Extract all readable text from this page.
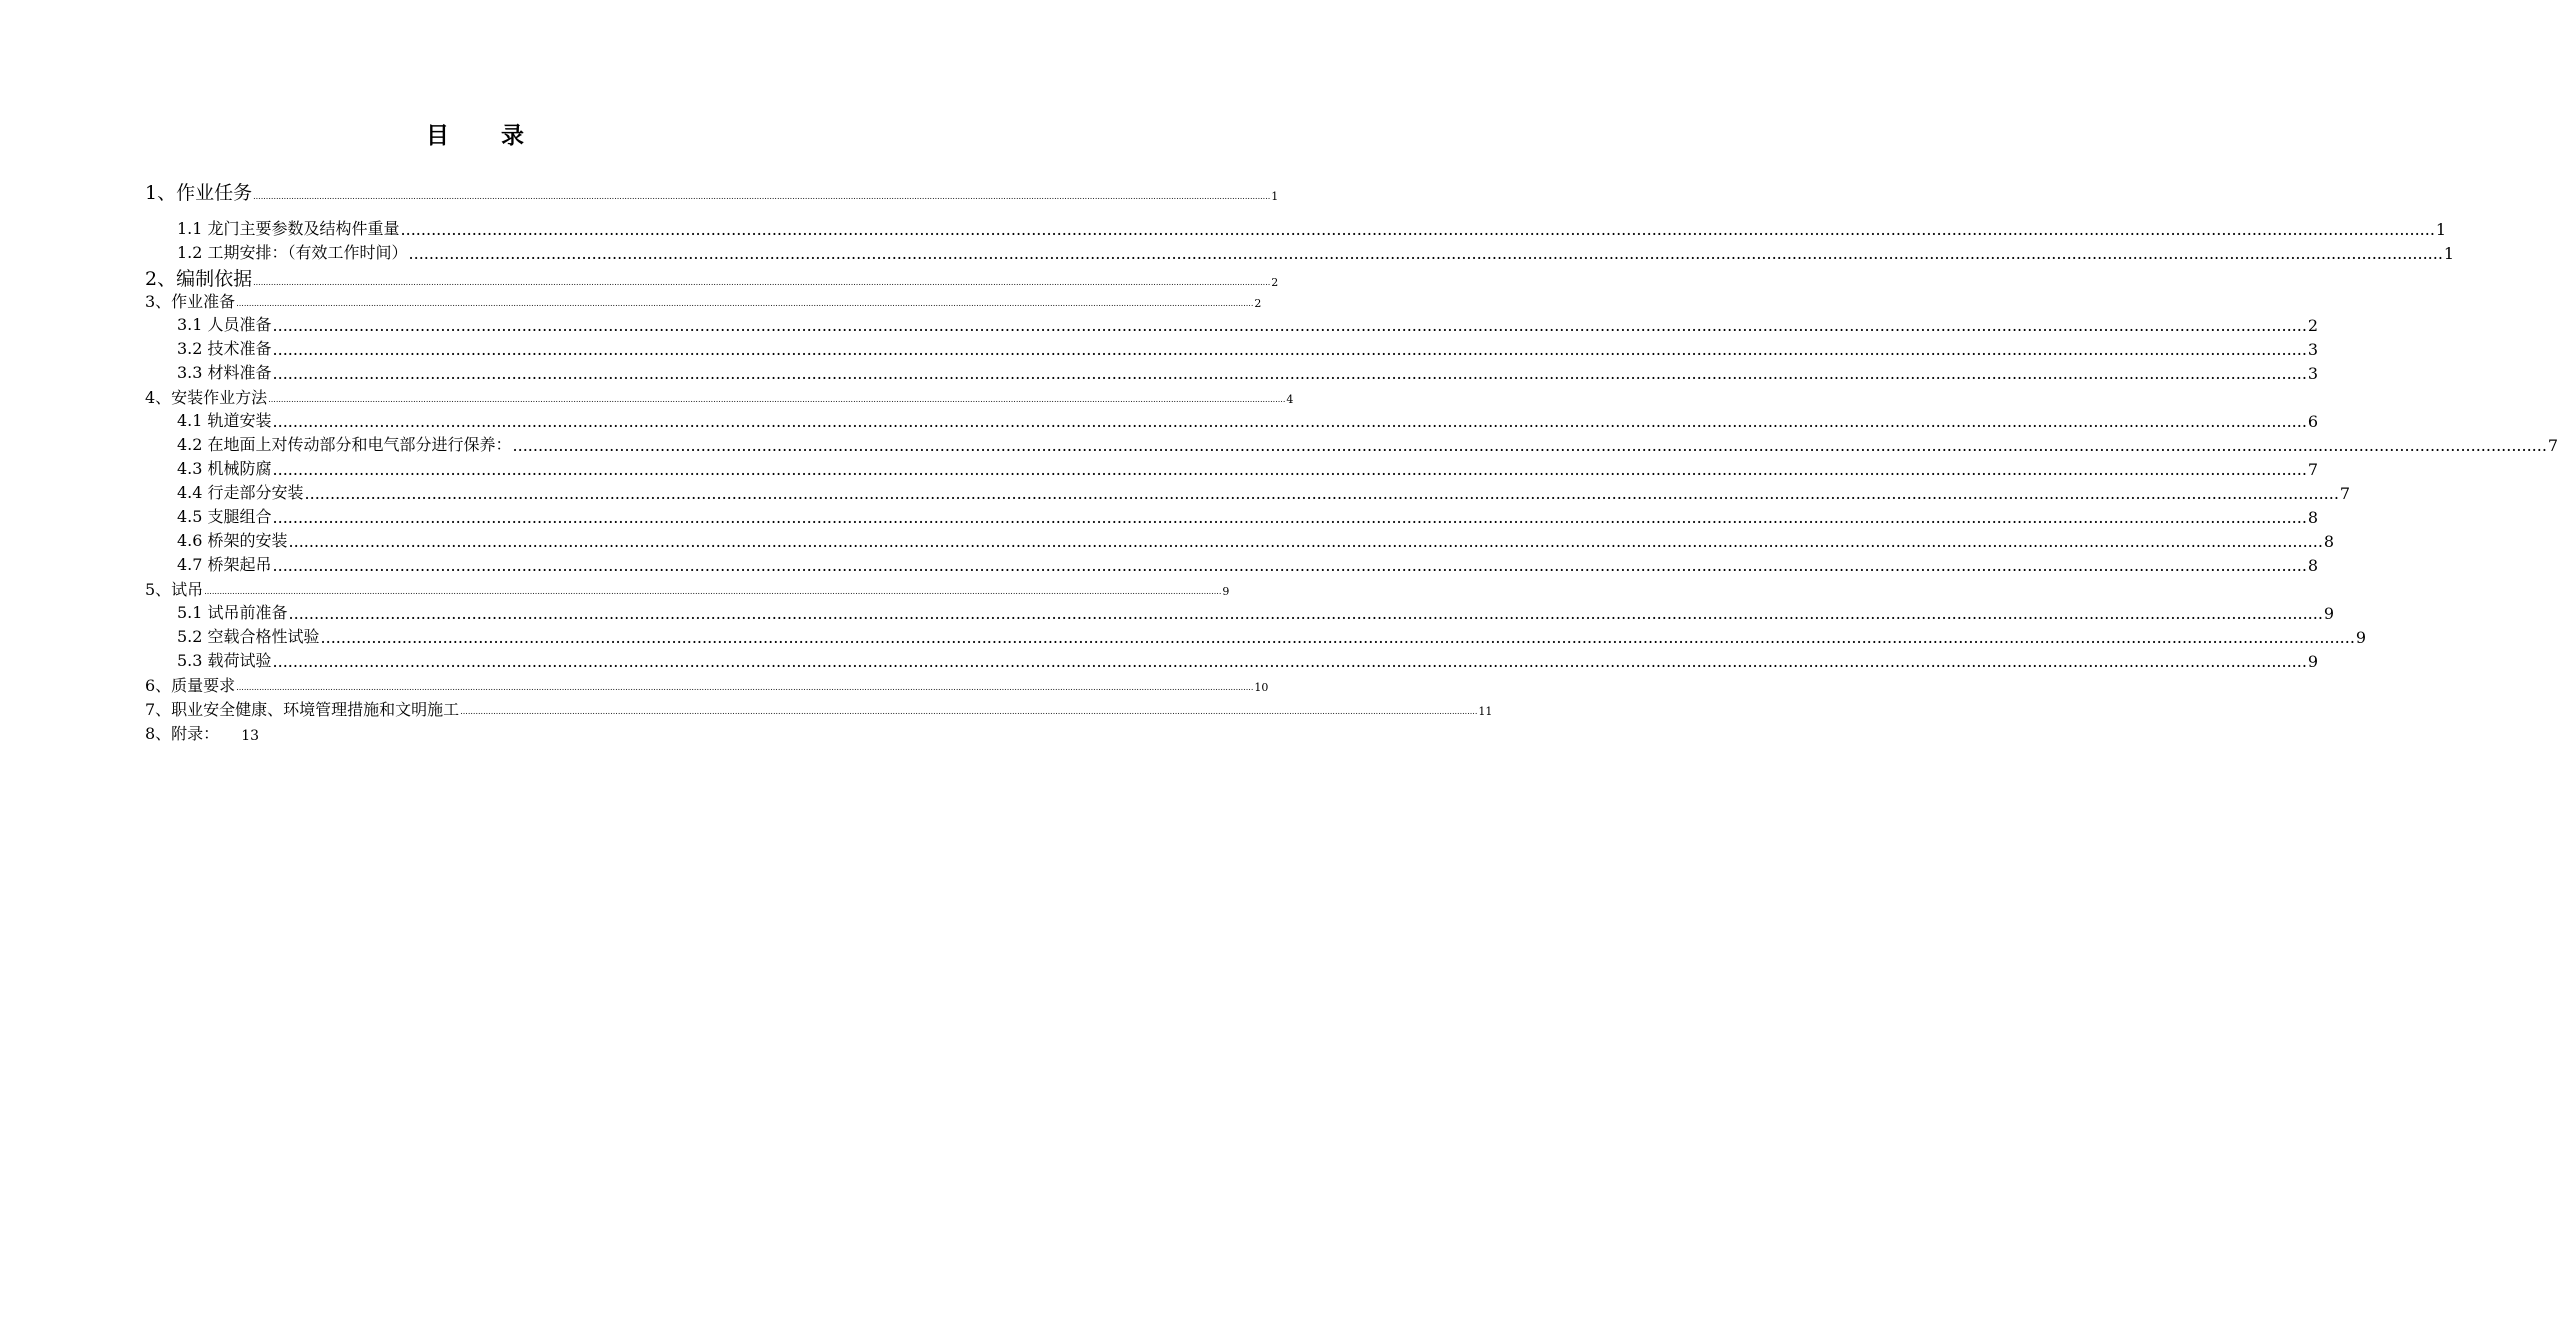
目 录
1、作业任务 ................................................................................................................................................................................................................................................................................................................................................................................................................ 1
1.1 龙门主要参数及结构件重量 ................................................................................................................................................................................................................................................................................................................................................................................................................ 1
1.2 工期安排：（有效工作时间） ................................................................................................................................................................................................................................................................................................................................................................................................................ 1
2、编制依据 ................................................................................................................................................................................................................................................................................................................................................................................................................ 2
3、作业准备 ................................................................................................................................................................................................................................................................................................................................................................................................................ 2
3.1 人员准备 ................................................................................................................................................................................................................................................................................................................................................................................................................ 2
3.2 技术准备 ................................................................................................................................................................................................................................................................................................................................................................................................................ 3
3.3 材料准备 ................................................................................................................................................................................................................................................................................................................................................................................................................ 3
4、安装作业方法 ................................................................................................................................................................................................................................................................................................................................................................................................................ 4
4.1 轨道安装 ................................................................................................................................................................................................................................................................................................................................................................................................................ 6
4.2 在地面上对传动部分和电气部分进行保养： ................................................................................................................................................................................................................................................................................................................................................................................................................ 7
4.3 机械防腐 ................................................................................................................................................................................................................................................................................................................................................................................................................ 7
4.4 行走部分安装 ................................................................................................................................................................................................................................................................................................................................................................................................................ 7
4.5 支腿组合 ................................................................................................................................................................................................................................................................................................................................................................................................................ 8
4.6 桥架的安装 ................................................................................................................................................................................................................................................................................................................................................................................................................ 8
4.7 桥架起吊 ................................................................................................................................................................................................................................................................................................................................................................................................................ 8
5、试吊 ................................................................................................................................................................................................................................................................................................................................................................................................................ 9
5.1 试吊前准备 ................................................................................................................................................................................................................................................................................................................................................................................................................ 9
5.2 空载合格性试验 ................................................................................................................................................................................................................................................................................................................................................................................................................ 9
5.3 载荷试验 ................................................................................................................................................................................................................................................................................................................................................................................................................ 9
6、质量要求 ................................................................................................................................................................................................................................................................................................................................................................................................................ 10
7、职业安全健康、环境管理措施和文明施工 ................................................................................................................................................................................................................................................................................................................................................................................................................ 11
8、附录： 13
